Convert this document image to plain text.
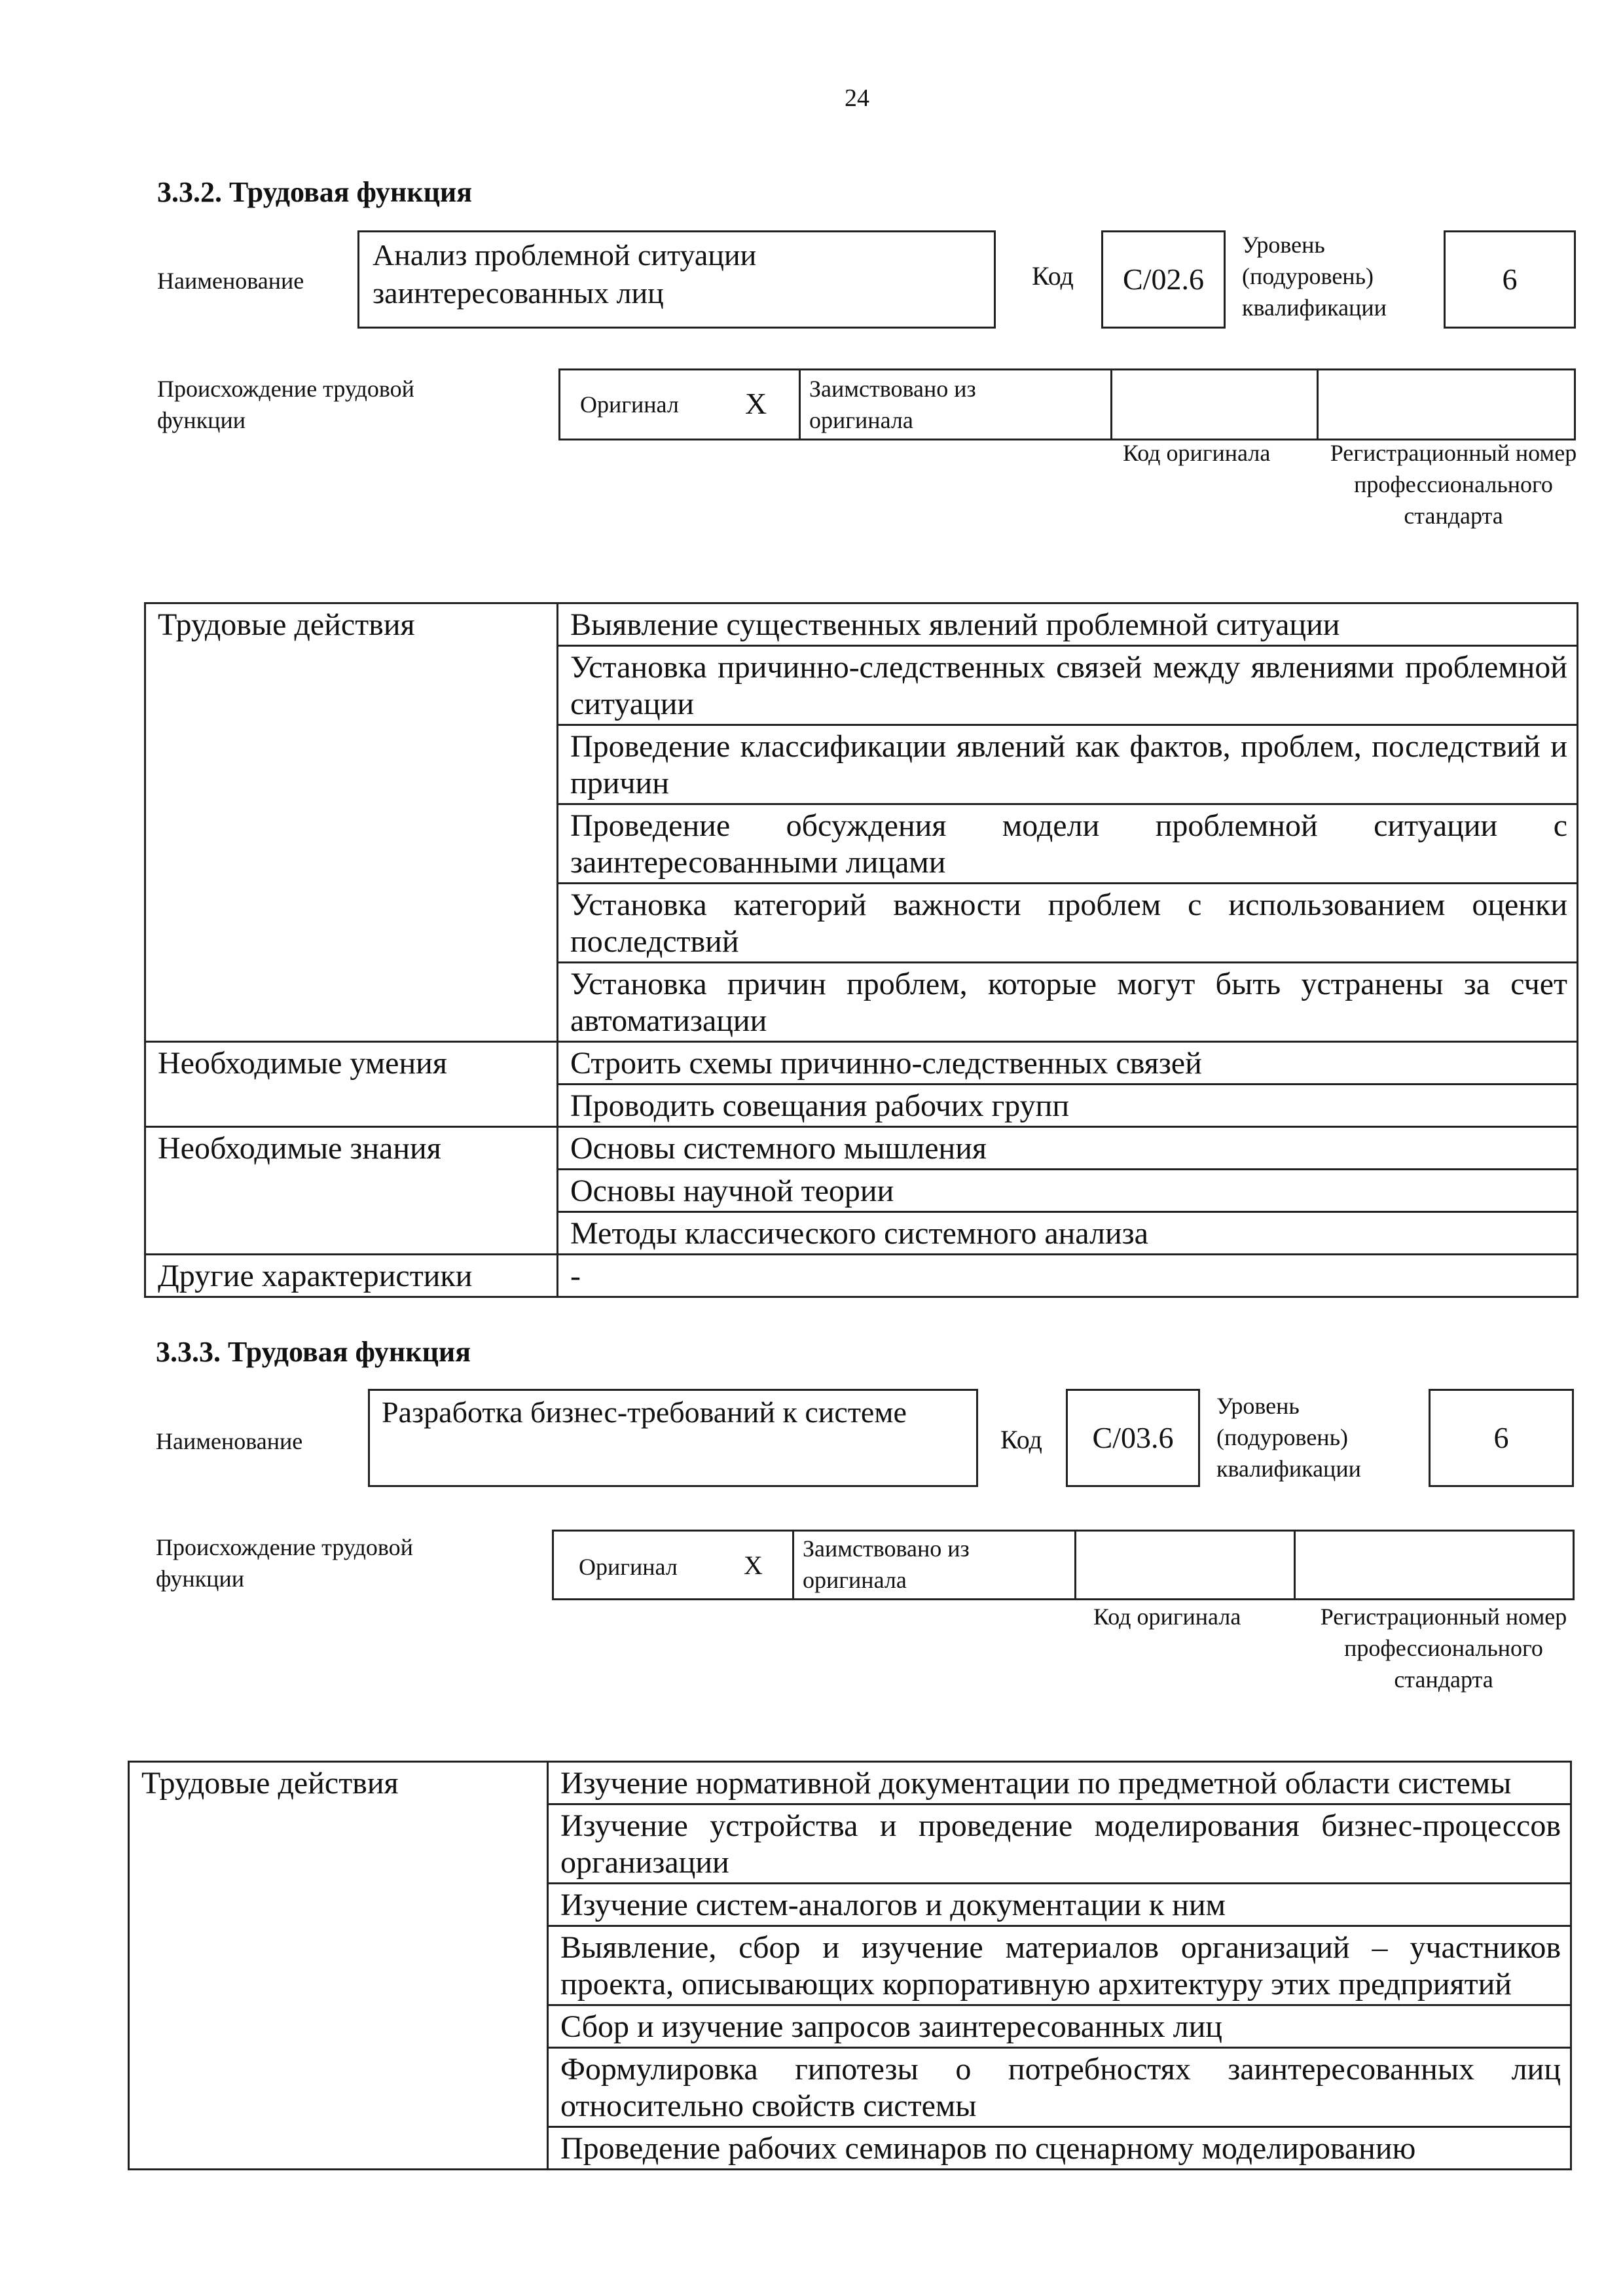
24
3.3.2. Трудовая функция
Наименование
Анализ проблемной ситуации заинтересованных лиц
Код C/02.6
Уровень (подуровень) квалификации
6
Происхождение трудовой функции
Оригинал X Заимствовано из оригинала
Код оригинала	Регистрационный номер профессионального стандарта
Трудовые действия	Выявление существенных явлений проблемной ситуации
	Установка причинно-следственных связей между явлениями проблемной ситуации
	Проведение классификации явлений как фактов, проблем, последствий и причин
	Проведение обсуждения модели проблемной ситуации с заинтересованными лицами
	Установка категорий важности проблем с использованием оценки последствий
	Установка причин проблем, которые могут быть устранены за счет автоматизации
Необходимые умения	Строить схемы причинно-следственных связей
	Проводить совещания рабочих групп
Необходимые знания	Основы системного мышления
	Основы научной теории
	Методы классического системного анализа
Другие характеристики	-
3.3.3. Трудовая функция
Наименование
Разработка бизнес-требований к системе
Код C/03.6
Уровень (подуровень) квалификации
6
Происхождение трудовой функции	Оригинал	X
Заимствовано из оригинала
Код оригинала	Регистрационный номер профессионального стандарта
Трудовые действия	Изучение нормативной документации по предметной области системы
Изучение устройства и проведение моделирования бизнес-процессов организации
Изучение систем-аналогов и документации к ним
Выявление, сбор и изучение материалов организаций – участников проекта, описывающих корпоративную архитектуру этих предприятий
Сбор и изучение запросов заинтересованных лиц
Формулировка гипотезы о потребностях заинтересованных лиц относительно свойств системы
Проведение рабочих семинаров по сценарному моделированию
